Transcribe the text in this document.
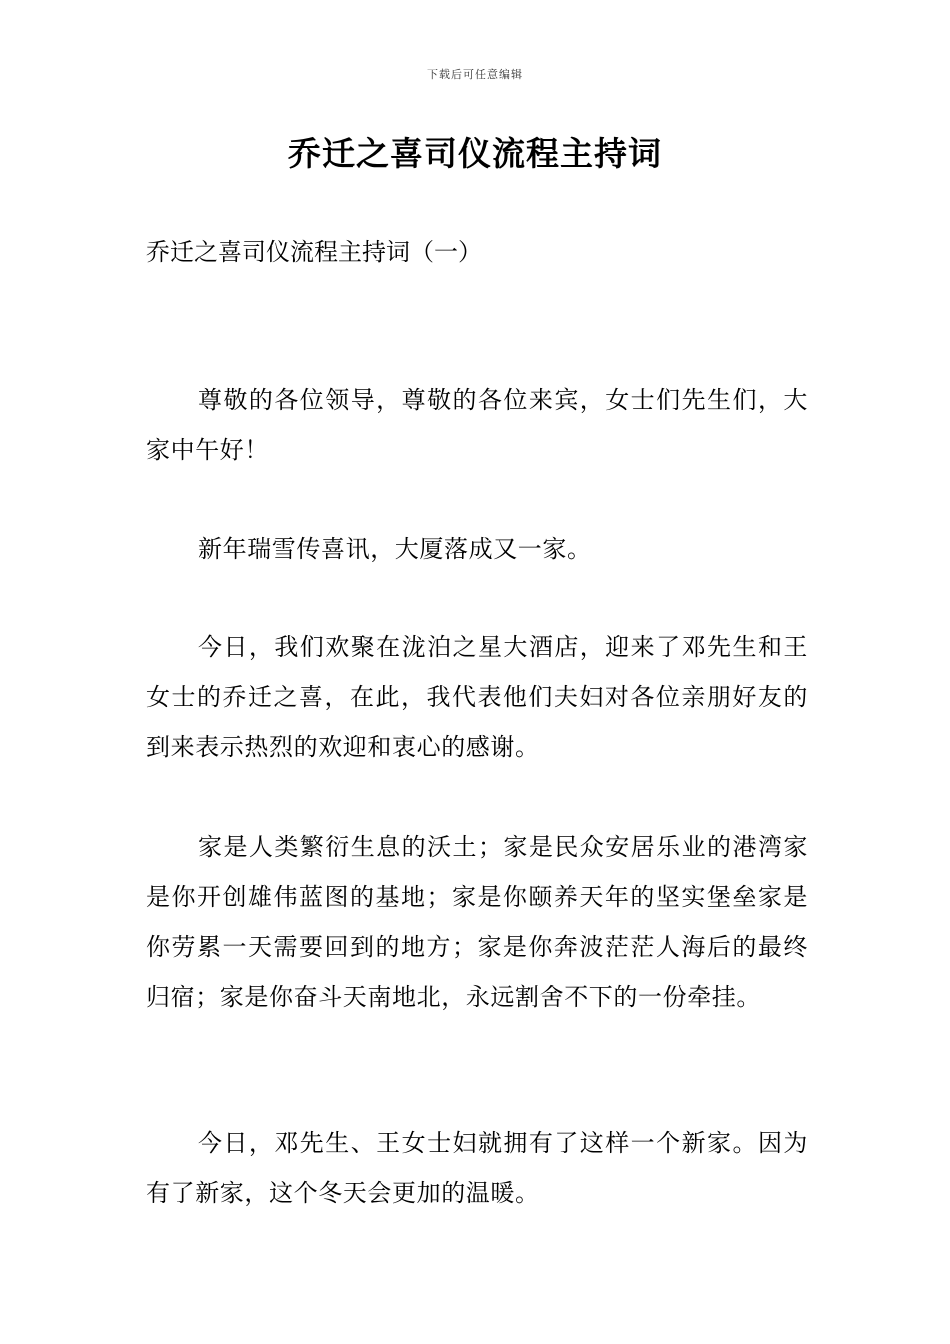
下载后可任意编辑
乔迁之喜司仪流程主持词
乔迁之喜司仪流程主持词（一）

尊敬的各位领导，尊敬的各位来宾，女士们先生们，大家中午好！

新年瑞雪传喜讯，大厦落成又一家。

今日，我们欢聚在泷泊之星大酒店，迎来了邓先生和王女士的乔迁之喜，在此，我代表他们夫妇对各位亲朋好友的到来表示热烈的欢迎和衷心的感谢。

家是人类繁衍生息的沃土；家是民众安居乐业的港湾家是你开创雄伟蓝图的基地；家是你颐养天年的坚实堡垒家是你劳累一天需要回到的地方；家是你奔波茫茫人海后的最终归宿；家是你奋斗天南地北，永远割舍不下的一份牵挂。

今日，邓先生、王女士妇就拥有了这样一个新家。因为有了新家，这个冬天会更加的温暖。
